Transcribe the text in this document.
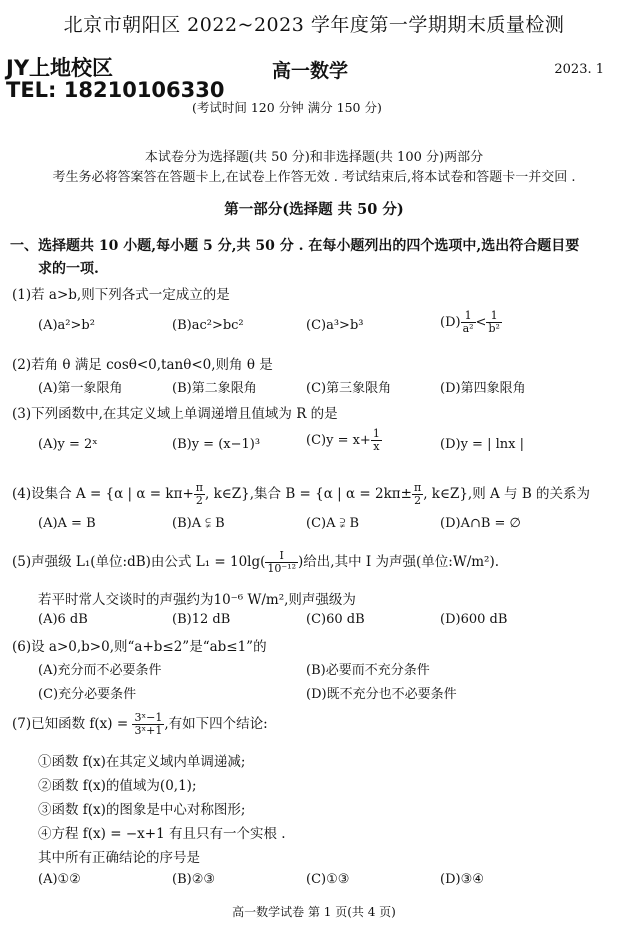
北京市朝阳区 2022~2023 学年度第一学期期末质量检测
JY上地校区
TEL: 18210106330
高一数学	2023. 1
(考试时间 120 分钟 满分 150 分)
本试卷分为选择题(共 50 分)和非选择题(共 100 分)两部分
考生务必将答案答在答题卡上,在试卷上作答无效 . 考试结束后,将本试卷和答题卡一并交回 .
第一部分(选择题 共 50 分)
一、选择题共 10 小题,每小题 5 分,共 50 分 . 在每小题列出的四个选项中,选出符合题目要
求的一项.
(1)若 a>b,则下列各式一定成立的是
(A)a²>b²	(B)ac²>bc²	(C)a³>b³	$(D) \frac{1}{\text{a²}} < \frac{1}{\text{b²}}$
(2)若角 θ 满足 cosθ<0,tanθ<0,则角 θ 是
(A)第一象限角	(B)第二象限角	(C)第三象限角	(D)第四象限角
(3)下列函数中,在其定义域上单调递增且值域为 R 的是
(A)y = 2ˣ	(B)y = (x−1)³	$(C)y = x+ \frac{1}{x}$	(D)y = | lnx |
(4)设集合 A = {α | $\alpha = k\pi+ \frac{\pi}{2}$ , k∈Z},集合 B = {α | $\alpha = 2k\pi\pm \frac{\pi}{2}$ , k∈Z},则 A 与 B 的关系为
(A)A = B	(B)A ⫋ B	(C)A ⫌ B	(D)A∩B = ∅
(5)声强级 L₁(单位:dB)由公式 $L_1 = 10\lg( \frac{I}{\text{10⁻¹²}}$ )给出,其中 I 为声强(单位:W/m²).
若平时常人交谈时的声强约为10⁻⁶ W/m²,则声强级为
(A)6 dB	(B)12 dB	(C)60 dB	(D)600 dB
(6)设 a>0,b>0,则“a+b≤2”是“ab≤1”的
(A)充分而不必要条件	(B)必要而不充分条件
(C)充分必要条件	(D)既不充分也不必要条件
(7)已知函数 $f(x) = \frac{\text{3ˣ−1}}{\text{3ˣ+1}}$ ,有如下四个结论:
①函数 f(x)在其定义域内单调递减;
②函数 f(x)的值域为(0,1);
③函数 f(x)的图象是中心对称图形;
④方程 f(x) = −x+1 有且只有一个实根 .
其中所有正确结论的序号是
(A)①②	(B)②③	(C)①③	(D)③④
高一数学试卷 第 1 页(共 4 页)
